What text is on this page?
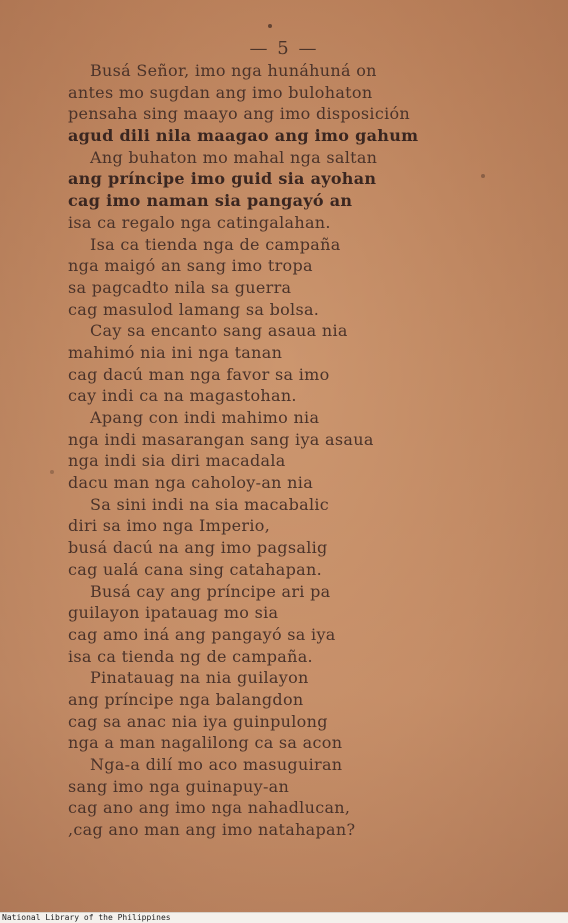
— 5 —
Busá Señor, imo nga hunáhuná on
antes mo sugdan ang imo bulohaton
pensaha sing maayo ang imo disposición
agud dili nila maagao ang imo gahum
Ang buhaton mo mahal nga saltan
ang príncipe imo guid sia ayohan
cag imo naman sia pangayó an
isa ca regalo nga catingalahan.
Isa ca tienda nga de campaña
nga maigó an sang imo tropa
sa pagcadto nila sa guerra
cag masulod lamang sa bolsa.
Cay sa encanto sang asaua nia
mahimó nia ini nga tanan
cag dacú man nga favor sa imo
cay indi ca na magastohan.
Apang con indi mahimo nia
nga indi masarangan sang iya asaua
nga indi sia diri macadala
dacu man nga caholoy-an nia
Sa sini indi na sia macabalic
diri sa imo nga Imperio,
busá dacú na ang imo pagsalig
cag ualá cana sing catahapan.
Busá cay ang príncipe ari pa
guilayon ipatauag mo sia
cag amo iná ang pangayó sa iya
isa ca tienda ng de campaña.
Pinatauag na nia guilayon
ang príncipe nga balangdon
cag sa anac nia iya guinpulong
nga a man nagalilong ca sa acon
Nga-a dilí mo aco masuguiran
sang imo nga guinapuy-an
cag ano ang imo nga nahadlucan,
,cag ano man ang imo natahapan?
National Library of the Philippines
